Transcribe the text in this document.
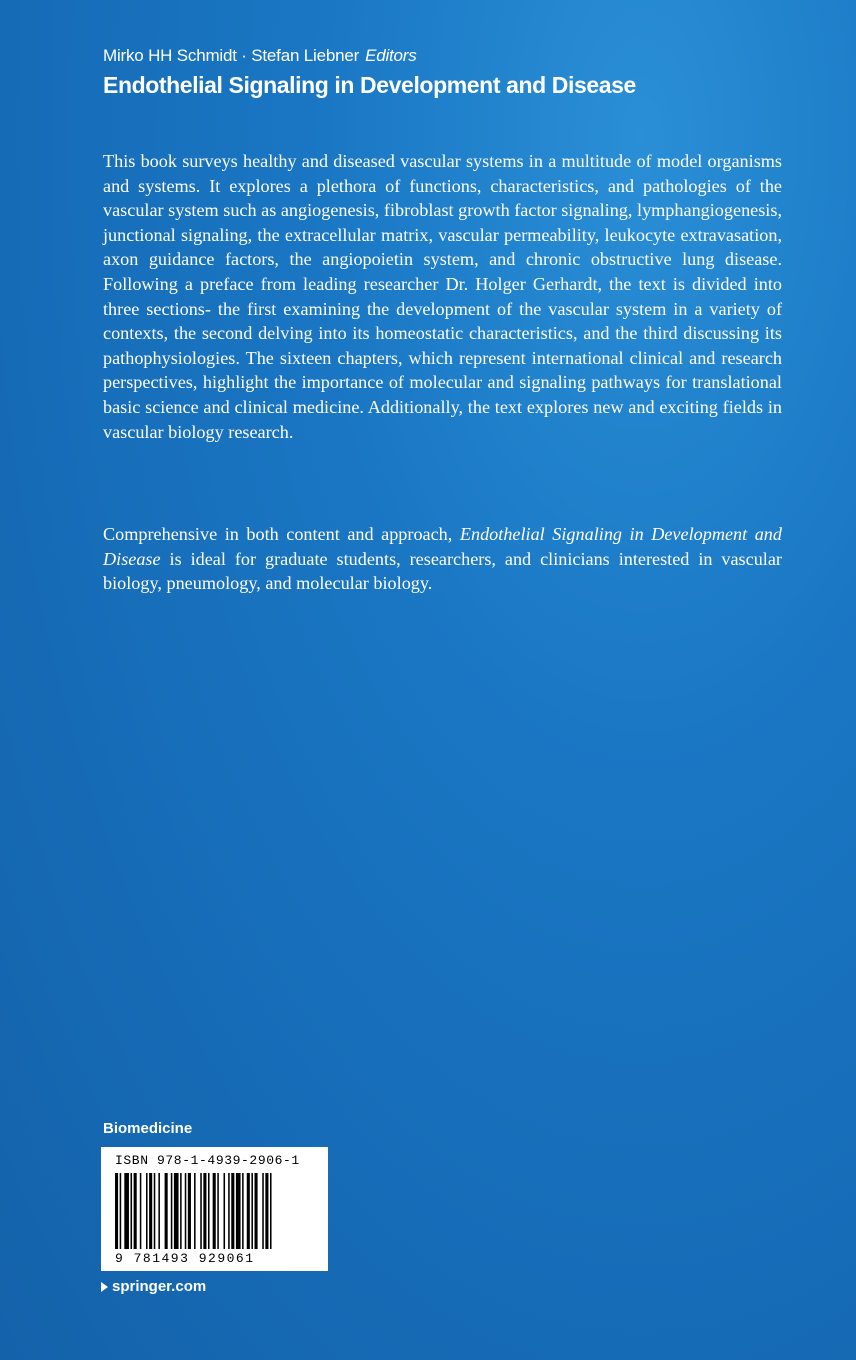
Mirko HH Schmidt · Stefan Liebner Editors
Endothelial Signaling in Development and Disease

This book surveys healthy and diseased vascular systems in a multitude of model organisms and systems. It explores a plethora of functions, characteristics, and pathologies of the vascular system such as angiogenesis, fibroblast growth factor signaling, lymphangiogenesis, junctional signaling, the extracellular matrix, vascular permeability, leukocyte extravasation, axon guidance factors, the angiopoietin system, and chronic obstructive lung disease. Following a preface from leading researcher Dr. Holger Gerhardt, the text is divided into three sections- the first examining the development of the vascular system in a variety of contexts, the second delving into its homeostatic characteristics, and the third discussing its pathophysiologies. The sixteen chapters, which represent international clinical and research perspectives, highlight the importance of molecular and signaling pathways for translational basic science and clinical medicine. Additionally, the text explores new and exciting fields in vascular biology research.

Comprehensive in both content and approach, Endothelial Signaling in Development and Disease is ideal for graduate students, researchers, and clinicians interested in vascular biology, pneumology, and molecular biology.

Biomedicine
ISBN 978-1-4939-2906-1
9 781493 929061
springer.com
